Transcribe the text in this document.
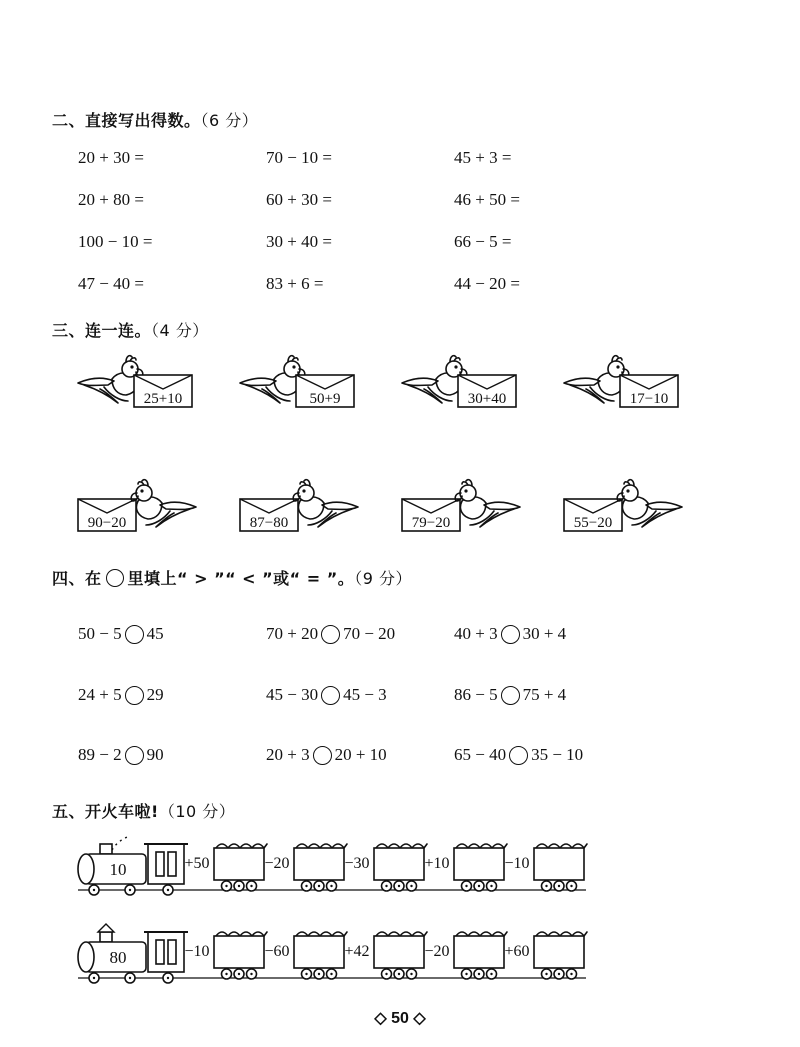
二、直接写出得数。（6 分）
20 + 30 =	70 − 10 =	45 + 3 =
20 + 80 =	60 + 30 =	46 + 50 =
100 − 10 =	30 + 40 =	66 − 5 =
47 − 40 =	83 + 6 =	44 − 20 =
三、连一连。（4 分）
25+10	50+9	30+40	17−10
90−20	87−80	79−20	55−20
四、在 里填上“ > ”“ < ”或“ = ”。（9 分）
50 − 5 45	70 + 20 70 − 20	40 + 3 30 + 4
24 + 5 29	45 − 30 45 − 3	86 − 5 75 + 4
89 − 2 90	20 + 3 20 + 10	65 − 40 35 − 10
五、开火车啦!（10 分）
10	+50	−20	−30	+10	−10
80	−10	−60	+42	−20	+60
◇ 50 ◇
